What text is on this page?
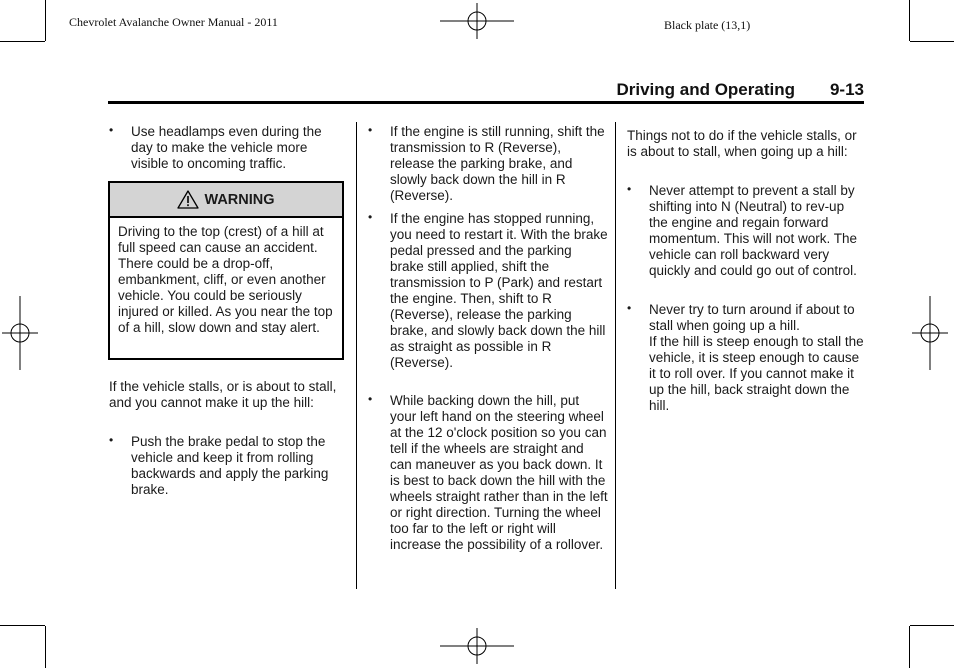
Chevrolet Avalanche Owner Manual - 2011	Black plate (13,1)
Driving and Operating 9-13
• Use headlamps even during the day to make the vehicle more visible to oncoming traffic.
WARNING
Driving to the top (crest) of a hill at full speed can cause an accident. There could be a drop-off, embankment, cliff, or even another vehicle. You could be seriously injured or killed. As you near the top of a hill, slow down and stay alert.
If the vehicle stalls, or is about to stall, and you cannot make it up the hill:
• Push the brake pedal to stop the vehicle and keep it from rolling backwards and apply the parking brake.
• If the engine is still running, shift the transmission to R (Reverse), release the parking brake, and slowly back down the hill in R (Reverse).
• If the engine has stopped running, you need to restart it. With the brake pedal pressed and the parking brake still applied, shift the transmission to P (Park) and restart the engine. Then, shift to R (Reverse), release the parking brake, and slowly back down the hill as straight as possible in R (Reverse).
• While backing down the hill, put your left hand on the steering wheel at the 12 o'clock position so you can tell if the wheels are straight and can maneuver as you back down. It is best to back down the hill with the wheels straight rather than in the left or right direction. Turning the wheel too far to the left or right will increase the possibility of a rollover.
Things not to do if the vehicle stalls, or is about to stall, when going up a hill:
• Never attempt to prevent a stall by shifting into N (Neutral) to rev-up the engine and regain forward momentum. This will not work. The vehicle can roll backward very quickly and could go out of control.
• Never try to turn around if about to stall when going up a hill.
If the hill is steep enough to stall the vehicle, it is steep enough to cause it to roll over. If you cannot make it up the hill, back straight down the hill.
